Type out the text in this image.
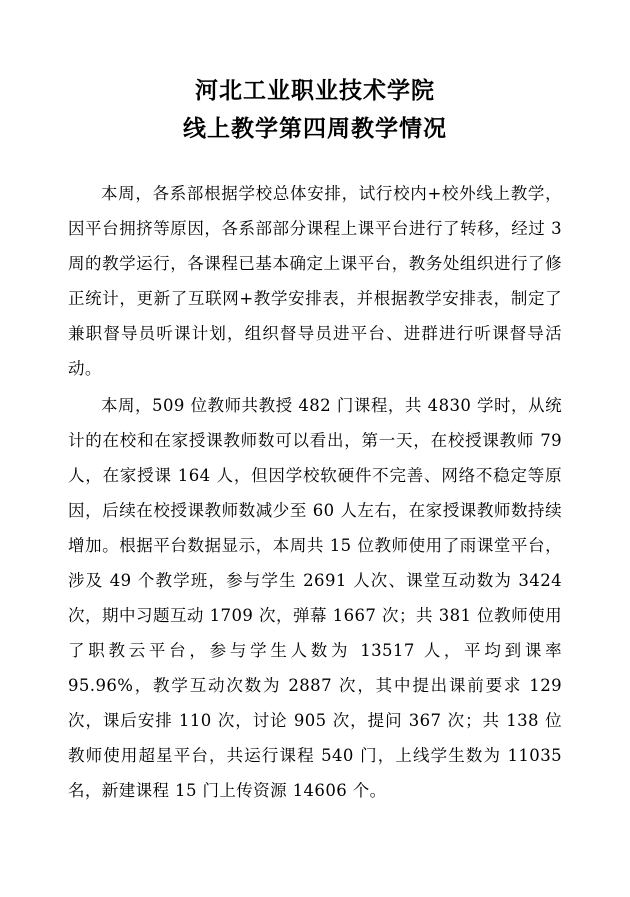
河北工业职业技术学院
线上教学第四周教学情况

本周，各系部根据学校总体安排，试行校内+校外线上教学，因平台拥挤等原因，各系部部分课程上课平台进行了转移，经过 3 周的教学运行，各课程已基本确定上课平台，教务处组织进行了修正统计，更新了互联网+教学安排表，并根据教学安排表，制定了兼职督导员听课计划，组织督导员进平台、进群进行听课督导活动。

本周，509 位教师共教授 482 门课程，共 4830 学时，从统计的在校和在家授课教师数可以看出，第一天，在校授课教师 79 人，在家授课 164 人，但因学校软硬件不完善、网络不稳定等原因，后续在校授课教师数减少至 60 人左右，在家授课教师数持续增加。根据平台数据显示，本周共 15 位教师使用了雨课堂平台，涉及 49 个教学班，参与学生 2691 人次、课堂互动数为 3424 次，期中习题互动 1709 次，弹幕 1667 次；共 381 位教师使用了职教云平台，参与学生人数为 13517 人，平均到课率 95.96%，教学互动次数为 2887 次，其中提出课前要求 129 次，课后安排 110 次，讨论 905 次，提问 367 次；共 138 位教师使用超星平台，共运行课程 540 门，上线学生数为 11035 名，新建课程 15 门上传资源 14606 个。
